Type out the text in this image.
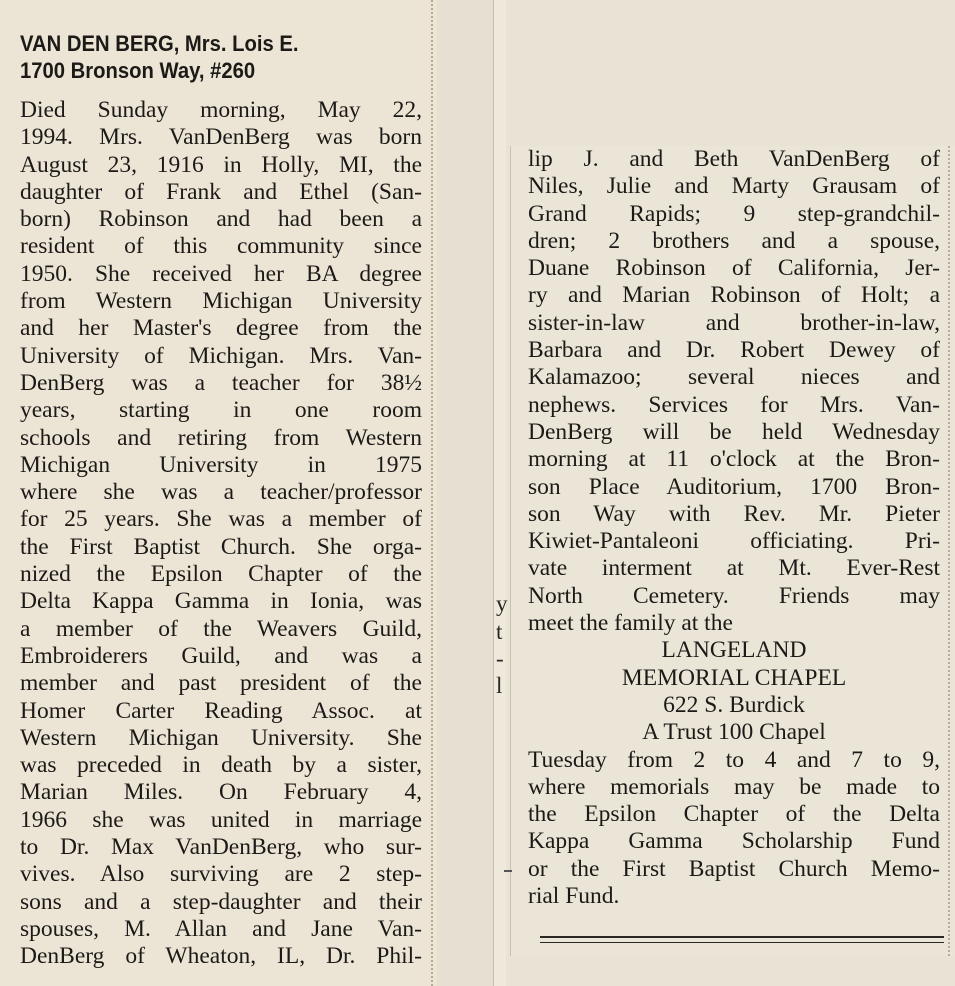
VAN DEN BERG, Mrs. Lois E.
1700 Bronson Way, #260
Died Sunday morning, May 22,
1994. Mrs. VanDenBerg was born
August 23, 1916 in Holly, MI, the
daughter of Frank and Ethel (San-
born) Robinson and had been a
resident of this community since
1950. She received her BA degree
from Western Michigan University
and her Master's degree from the
University of Michigan. Mrs. Van-
DenBerg was a teacher for 38½
years, starting in one room
schools and retiring from Western
Michigan University in 1975
where she was a teacher/professor
for 25 years. She was a member of
the First Baptist Church. She orga-
nized the Epsilon Chapter of the
Delta Kappa Gamma in Ionia, was
a member of the Weavers Guild,
Embroiderers Guild, and was a
member and past president of the
Homer Carter Reading Assoc. at
Western Michigan University. She
was preceded in death by a sister,
Marian Miles. On February 4,
1966 she was united in marriage
to Dr. Max VanDenBerg, who sur-
vives. Also surviving are 2 step-
sons and a step-daughter and their
spouses, M. Allan and Jane Van-
DenBerg of Wheaton, IL, Dr. Phil-
y
t
-
l
lip J. and Beth VanDenBerg of
Niles, Julie and Marty Grausam of
Grand Rapids; 9 step-grandchil-
dren; 2 brothers and a spouse,
Duane Robinson of California, Jer-
ry and Marian Robinson of Holt; a
sister-in-law and brother-in-law,
Barbara and Dr. Robert Dewey of
Kalamazoo; several nieces and
nephews. Services for Mrs. Van-
DenBerg will be held Wednesday
morning at 11 o'clock at the Bron-
son Place Auditorium, 1700 Bron-
son Way with Rev. Mr. Pieter
Kiwiet-Pantaleoni officiating. Pri-
vate interment at Mt. Ever-Rest
North Cemetery. Friends may
meet the family at the
LANGELAND
MEMORIAL CHAPEL
622 S. Burdick
A Trust 100 Chapel
Tuesday from 2 to 4 and 7 to 9,
where memorials may be made to
the Epsilon Chapter of the Delta
Kappa Gamma Scholarship Fund
or the First Baptist Church Memo-
rial Fund.
